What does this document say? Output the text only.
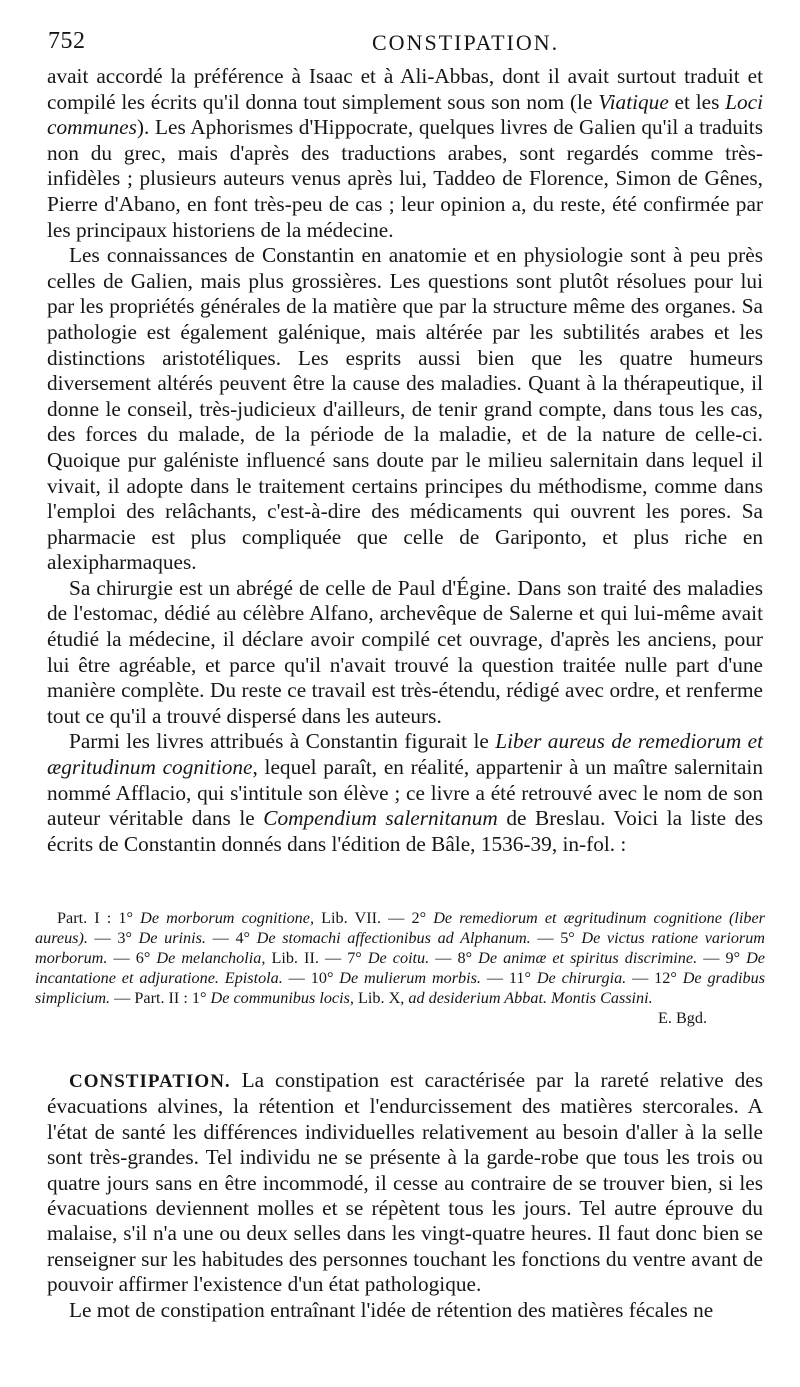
752	CONSTIPATION.

avait accordé la préférence à Isaac et à Ali-Abbas, dont il avait surtout traduit et compilé les écrits qu'il donna tout simplement sous son nom (le Viatique et les Loci communes). Les Aphorismes d'Hippocrate, quelques livres de Galien qu'il a traduits non du grec, mais d'après des traductions arabes, sont regardés comme très-infidèles ; plusieurs auteurs venus après lui, Taddeo de Florence, Simon de Gênes, Pierre d'Abano, en font très-peu de cas ; leur opinion a, du reste, été confirmée par les principaux historiens de la médecine.

Les connaissances de Constantin en anatomie et en physiologie sont à peu près celles de Galien, mais plus grossières. Les questions sont plutôt résolues pour lui par les propriétés générales de la matière que par la structure même des organes. Sa pathologie est également galénique, mais altérée par les subtilités arabes et les distinctions aristotéliques. Les esprits aussi bien que les quatre humeurs diversement altérés peuvent être la cause des maladies. Quant à la thérapeutique, il donne le conseil, très-judicieux d'ailleurs, de tenir grand compte, dans tous les cas, des forces du malade, de la période de la maladie, et de la nature de celle-ci. Quoique pur galéniste influencé sans doute par le milieu salernitain dans lequel il vivait, il adopte dans le traitement certains principes du méthodisme, comme dans l'emploi des relâchants, c'est-à-dire des médicaments qui ouvrent les pores. Sa pharmacie est plus compliquée que celle de Gariponto, et plus riche en alexipharmaques.

Sa chirurgie est un abrégé de celle de Paul d'Égine. Dans son traité des maladies de l'estomac, dédié au célèbre Alfano, archevêque de Salerne et qui lui-même avait étudié la médecine, il déclare avoir compilé cet ouvrage, d'après les anciens, pour lui être agréable, et parce qu'il n'avait trouvé la question traitée nulle part d'une manière complète. Du reste ce travail est très-étendu, rédigé avec ordre, et renferme tout ce qu'il a trouvé dispersé dans les auteurs.

Parmi les livres attribués à Constantin figurait le Liber aureus de remediorum et ægritudinum cognitione, lequel paraît, en réalité, appartenir à un maître salernitain nommé Afflacio, qui s'intitule son élève ; ce livre a été retrouvé avec le nom de son auteur véritable dans le Compendium salernitanum de Breslau. Voici la liste des écrits de Constantin donnés dans l'édition de Bâle, 1536-39, in-fol. :

Part. I : 1° De morborum cognitione, Lib. VII. — 2° De remediorum et ægritudinum cognitione (liber aureus). — 3° De urinis. — 4° De stomachi affectionibus ad Alphanum. — 5° De victus ratione variorum morborum. — 6° De melancholia, Lib. II. — 7° De coitu. — 8° De animæ et spiritus discrimine. — 9° De incantatione et adjuratione. Epistola. — 10° De mulierum morbis. — 11° De chirurgia. — 12° De gradibus simplicium. — Part. II : 1° De communibus locis, Lib. X, ad desiderium Abbat. Montis Cassini.
E. Bgd.

CONSTIPATION. La constipation est caractérisée par la rareté relative des évacuations alvines, la rétention et l'endurcissement des matières stercorales. A l'état de santé les différences individuelles relativement au besoin d'aller à la selle sont très-grandes. Tel individu ne se présente à la garde-robe que tous les trois ou quatre jours sans en être incommodé, il cesse au contraire de se trouver bien, si les évacuations deviennent molles et se répètent tous les jours. Tel autre éprouve du malaise, s'il n'a une ou deux selles dans les vingt-quatre heures. Il faut donc bien se renseigner sur les habitudes des personnes touchant les fonctions du ventre avant de pouvoir affirmer l'existence d'un état pathologique.

Le mot de constipation entraînant l'idée de rétention des matières fécales ne
